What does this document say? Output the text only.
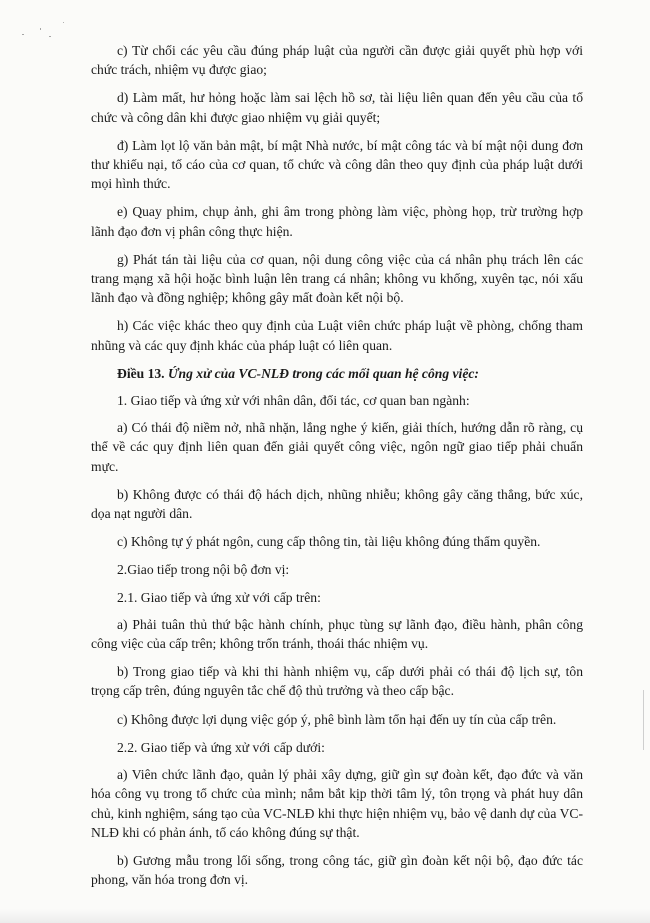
c) Từ chối các yêu cầu đúng pháp luật của người cần được giải quyết phù hợp với chức trách, nhiệm vụ được giao;

d) Làm mất, hư hỏng hoặc làm sai lệch hồ sơ, tài liệu liên quan đến yêu cầu của tổ chức và công dân khi được giao nhiệm vụ giải quyết;

đ) Làm lọt lộ văn bản mật, bí mật Nhà nước, bí mật công tác và bí mật nội dung đơn thư khiếu nại, tố cáo của cơ quan, tổ chức và công dân theo quy định của pháp luật dưới mọi hình thức.

e) Quay phim, chụp ảnh, ghi âm trong phòng làm việc, phòng họp, trừ trường hợp lãnh đạo đơn vị phân công thực hiện.

g) Phát tán tài liệu của cơ quan, nội dung công việc của cá nhân phụ trách lên các trang mạng xã hội hoặc bình luận lên trang cá nhân; không vu khống, xuyên tạc, nói xấu lãnh đạo và đồng nghiệp; không gây mất đoàn kết nội bộ.

h) Các việc khác theo quy định của Luật viên chức pháp luật về phòng, chống tham nhũng và các quy định khác của pháp luật có liên quan.

Điều 13. Ứng xử của VC-NLĐ trong các mối quan hệ công việc:

1. Giao tiếp và ứng xử với nhân dân, đối tác, cơ quan ban ngành:

a) Có thái độ niềm nở, nhã nhặn, lắng nghe ý kiến, giải thích, hướng dẫn rõ ràng, cụ thể về các quy định liên quan đến giải quyết công việc, ngôn ngữ giao tiếp phải chuẩn mực.

b) Không được có thái độ hách dịch, nhũng nhiễu; không gây căng thẳng, bức xúc, dọa nạt người dân.

c) Không tự ý phát ngôn, cung cấp thông tin, tài liệu không đúng thẩm quyền.

2.Giao tiếp trong nội bộ đơn vị:

2.1. Giao tiếp và ứng xử với cấp trên:

a) Phải tuân thủ thứ bậc hành chính, phục tùng sự lãnh đạo, điều hành, phân công công việc của cấp trên; không trốn tránh, thoái thác nhiệm vụ.

b) Trong giao tiếp và khi thi hành nhiệm vụ, cấp dưới phải có thái độ lịch sự, tôn trọng cấp trên, đúng nguyên tắc chế độ thủ trưởng và theo cấp bậc.

c) Không được lợi dụng việc góp ý, phê bình làm tổn hại đến uy tín của cấp trên.

2.2. Giao tiếp và ứng xử với cấp dưới:

a) Viên chức lãnh đạo, quản lý phải xây dựng, giữ gìn sự đoàn kết, đạo đức và văn hóa công vụ trong tổ chức của mình; nắm bắt kịp thời tâm lý, tôn trọng và phát huy dân chủ, kinh nghiệm, sáng tạo của VC-NLĐ khi thực hiện nhiệm vụ, bảo vệ danh dự của VC-NLĐ khi có phản ánh, tố cáo không đúng sự thật.

b) Gương mẫu trong lối sống, trong công tác, giữ gìn đoàn kết nội bộ, đạo đức tác phong, văn hóa trong đơn vị.
